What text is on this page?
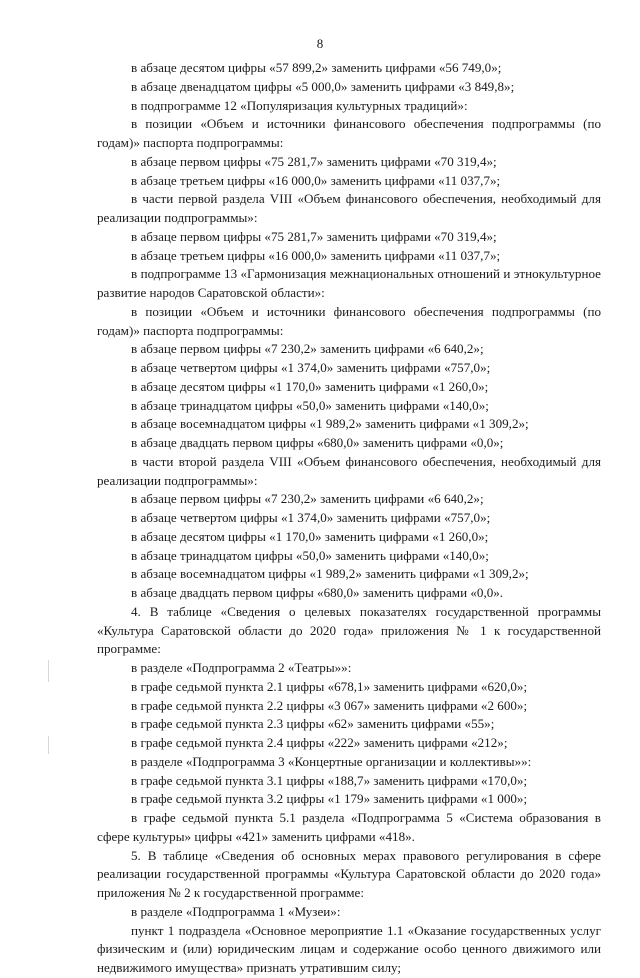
8

в абзаце десятом цифры «57 899,2» заменить цифрами «56 749,0»;

в абзаце двенадцатом цифры «5 000,0» заменить цифрами «3 849,8»;

в подпрограмме 12 «Популяризация культурных традиций»:

в позиции «Объем и источники финансового обеспечения подпрограммы (по годам)» паспорта подпрограммы:

в абзаце первом цифры «75 281,7» заменить цифрами «70 319,4»;

в абзаце третьем цифры «16 000,0» заменить цифрами «11 037,7»;

в части первой раздела VIII «Объем финансового обеспечения, необходимый для реализации подпрограммы»:

в абзаце первом цифры «75 281,7» заменить цифрами «70 319,4»;

в абзаце третьем цифры «16 000,0» заменить цифрами «11 037,7»;

в подпрограмме 13 «Гармонизация межнациональных отношений и этнокультурное развитие народов Саратовской области»:

в позиции «Объем и источники финансового обеспечения подпрограммы (по годам)» паспорта подпрограммы:

в абзаце первом цифры «7 230,2» заменить цифрами «6 640,2»;

в абзаце четвертом цифры «1 374,0» заменить цифрами «757,0»;

в абзаце десятом цифры «1 170,0» заменить цифрами «1 260,0»;

в абзаце тринадцатом цифры «50,0» заменить цифрами «140,0»;

в абзаце восемнадцатом цифры «1 989,2» заменить цифрами «1 309,2»;

в абзаце двадцать первом цифры «680,0» заменить цифрами «0,0»;

в части второй раздела VIII «Объем финансового обеспечения, необходимый для реализации подпрограммы»:

в абзаце первом цифры «7 230,2» заменить цифрами «6 640,2»;

в абзаце четвертом цифры «1 374,0» заменить цифрами «757,0»;

в абзаце десятом цифры «1 170,0» заменить цифрами «1 260,0»;

в абзаце тринадцатом цифры «50,0» заменить цифрами «140,0»;

в абзаце восемнадцатом цифры «1 989,2» заменить цифрами «1 309,2»;

в абзаце двадцать первом цифры «680,0» заменить цифрами «0,0».

4. В таблице «Сведения о целевых показателях государственной программы «Культура Саратовской области до 2020 года» приложения № 1 к государственной программе:

в разделе «Подпрограмма 2 «Театры»»:

в графе седьмой пункта 2.1 цифры «678,1» заменить цифрами «620,0»;

в графе седьмой пункта 2.2 цифры «3 067» заменить цифрами «2 600»;

в графе седьмой пункта 2.3 цифры «62» заменить цифрами «55»;

в графе седьмой пункта 2.4 цифры «222» заменить цифрами «212»;

в разделе «Подпрограмма 3 «Концертные организации и коллективы»»:

в графе седьмой пункта 3.1 цифры «188,7» заменить цифрами «170,0»;

в графе седьмой пункта 3.2 цифры «1 179» заменить цифрами «1 000»;

в графе седьмой пункта 5.1 раздела «Подпрограмма 5 «Система образования в сфере культуры» цифры «421» заменить цифрами «418».

5. В таблице «Сведения об основных мерах правового регулирования в сфере реализации государственной программы «Культура Саратовской области до 2020 года» приложения № 2 к государственной программе:

в разделе «Подпрограмма 1 «Музеи»:

пункт 1 подраздела «Основное мероприятие 1.1 «Оказание государственных услуг физическим и (или) юридическим лицам и содержание особо ценного движимого или недвижимого имущества» признать утратившим силу;
